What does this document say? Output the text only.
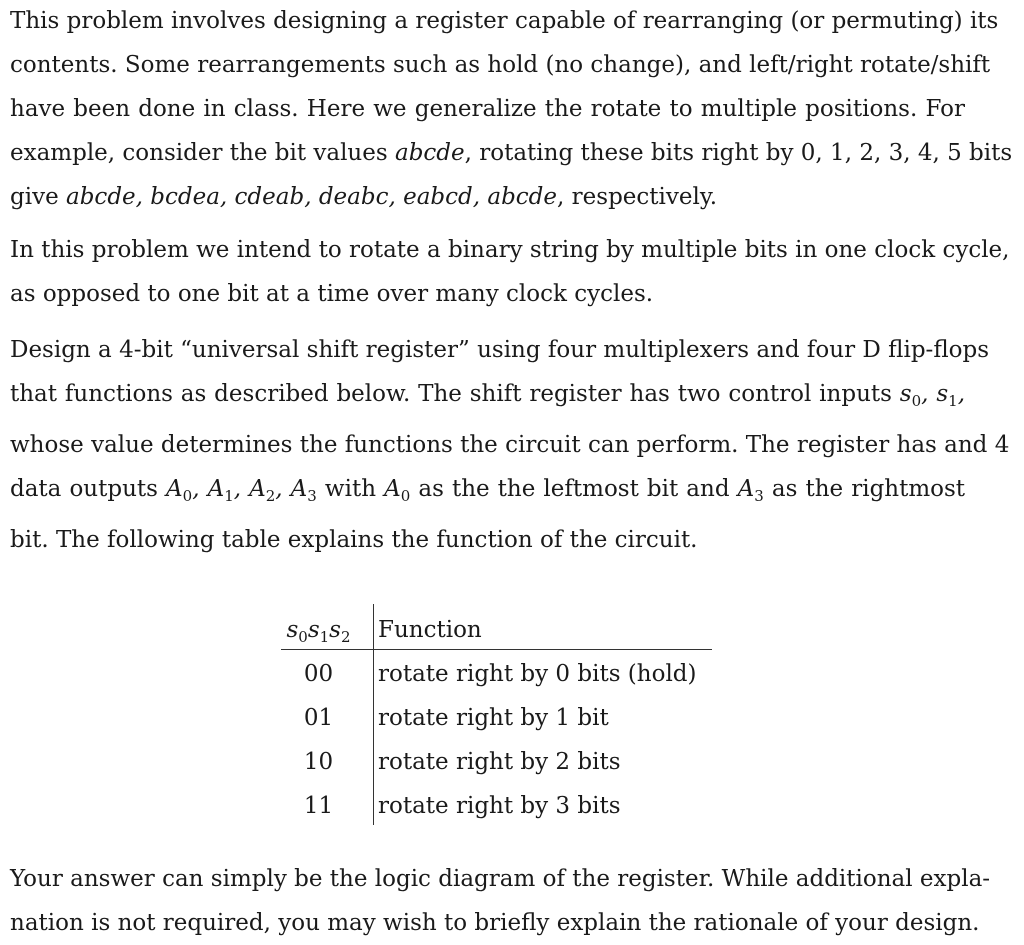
This problem involves designing a register capable of rearranging (or permuting) its
contents. Some rearrangements such as hold (no change), and left/right rotate/shift
have been done in class. Here we generalize the rotate to multiple positions. For
example, consider the bit values abcde, rotating these bits right by 0, 1, 2, 3, 4, 5 bits
give abcde, bcdea, cdeab, deabc, eabcd, abcde, respectively.
In this problem we intend to rotate a binary string by multiple bits in one clock cycle,
as opposed to one bit at a time over many clock cycles.
Design a 4-bit “universal shift register” using four multiplexers and four D flip-flops
that functions as described below. The shift register has two control inputs $s_0$, $s_1$,
whose value determines the functions the circuit can perform. The register has and 4
data outputs $A_0$, $A_1$, $A_2$, $A_3$ with $A_0$ as the the leftmost bit and $A_3$ as the rightmost
bit. The following table explains the function of the circuit.
$s_0s_1s_2$	Function
00	rotate right by 0 bits (hold)
01	rotate right by 1 bit
10	rotate right by 2 bits
11	rotate right by 3 bits
Your answer can simply be the logic diagram of the register. While additional expla-
nation is not required, you may wish to briefly explain the rationale of your design.
